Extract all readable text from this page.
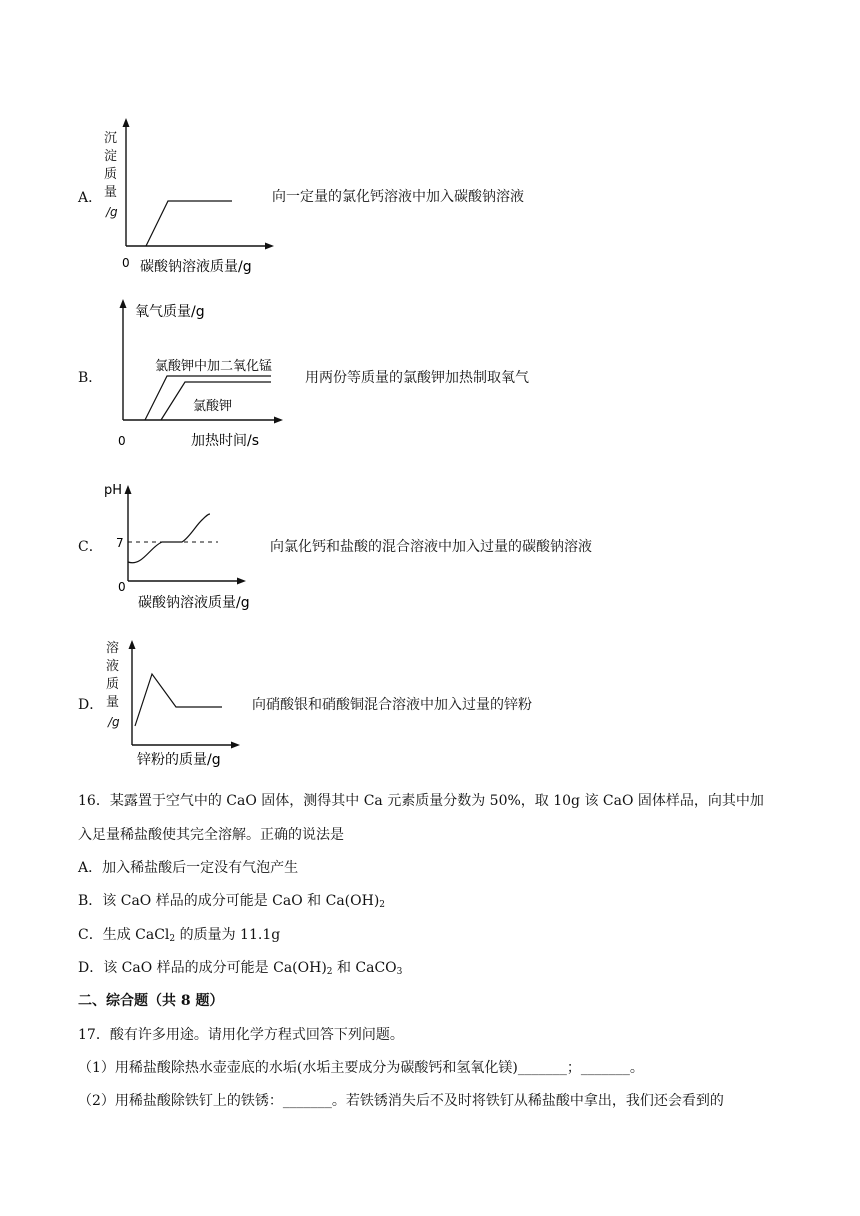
A．
沉
淀
质
量
/g
0 碳酸钠溶液质量/g
向一定量的氯化钙溶液中加入碳酸钠溶液
B．
氧气质量/g
氯酸钾中加二氧化锰
氯酸钾
0	加热时间/s
用两份等质量的氯酸钾加热制取氧气
C．
pH
7
0
碳酸钠溶液质量/g
向氯化钙和盐酸的混合溶液中加入过量的碳酸钠溶液
D．
溶
液
质
量
/g
锌粉的质量/g
向硝酸银和硝酸铜混合溶液中加入过量的锌粉
16．某露置于空气中的 CaO 固体，测得其中 Ca 元素质量分数为 50%，取 10g 该 CaO 固体样品，向其中加
入足量稀盐酸使其完全溶解。正确的说法是
A．加入稀盐酸后一定没有气泡产生
B．该 CaO 样品的成分可能是 CaO 和 $Ca(OH)_2$
C．生成 CaCl$_2$ 的质量为 11.1g
D．该 CaO 样品的成分可能是 $Ca(OH)_2$ 和 CaCO$_3$
二、综合题（共 8 题）
17．酸有许多用途。请用化学方程式回答下列问题。
（1）用稀盐酸除热水壶壶底的水垢(水垢主要成分为碳酸钙和氢氧化镁)_______；_______。
（2）用稀盐酸除铁钉上的铁锈：_______。若铁锈消失后不及时将铁钉从稀盐酸中拿出，我们还会看到的
